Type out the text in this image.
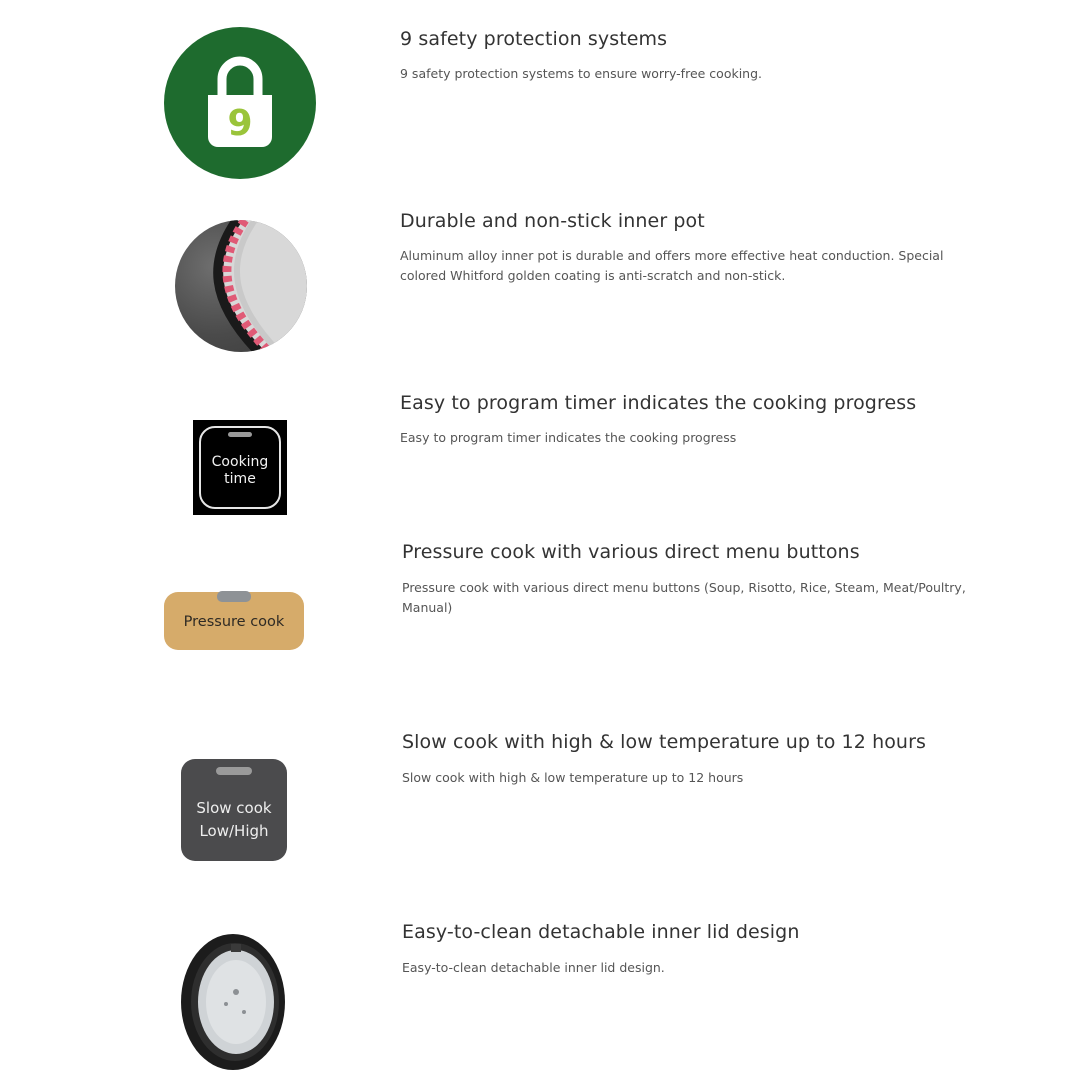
9
9 safety protection systems
9 safety protection systems to ensure worry-free cooking.
Durable and non-stick inner pot
Aluminum alloy inner pot is durable and offers more effective heat conduction. Special colored Whitford golden coating is anti-scratch and non-stick.
Cooking
time
Easy to program timer indicates the cooking progress
Easy to program timer indicates the cooking progress
Pressure cook
Pressure cook with various direct menu buttons
Pressure cook with various direct menu buttons (Soup, Risotto, Rice, Steam, Meat/Poultry, Manual)
Slow cook
Low/High
Slow cook with high & low temperature up to 12 hours
Slow cook with high & low temperature up to 12 hours
Easy-to-clean detachable inner lid design
Easy-to-clean detachable inner lid design.
